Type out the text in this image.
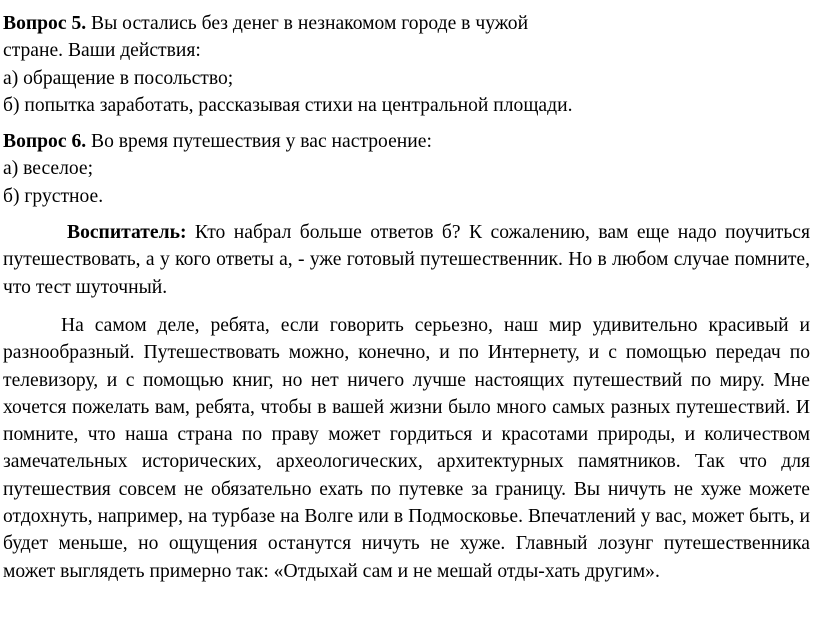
Вопрос 5. Вы остались без денег в незнакомом городе в чужой

стране. Ваши действия:

а) обращение в посольство;

б) попытка заработать, рассказывая стихи на центральной площади.

Вопрос 6. Во время путешествия у вас настроение:

а) веселое;

б) грустное.

Воспитатель: Кто набрал больше ответов б? К сожалению, вам еще надо поучиться путешествовать, а у кого ответы а, - уже готовый путешественник. Но в любом случае помните, что тест шуточный.

На самом деле, ребята, если говорить серьезно, наш мир удивительно красивый и разнообразный. Путешествовать можно, конечно, и по Интернету, и с помощью передач по телевизору, и с помощью книг, но нет ничего лучше настоящих путешествий по миру. Мне хочется пожелать вам, ребята, чтобы в вашей жизни было много самых разных путешествий. И помните, что наша страна по праву может гордиться и красотами природы, и количеством замечательных исторических, археологических, архитектурных памятников. Так что для путешествия совсем не обязательно ехать по путевке за границу. Вы ничуть не хуже можете отдохнуть, например, на турбазе на Волге или в Подмосковье. Впечатлений у вас, может быть, и будет меньше, но ощущения останутся ничуть не хуже. Главный лозунг путешественника может выглядеть примерно так: «Отдыхай сам и не мешай отды-хать другим».
